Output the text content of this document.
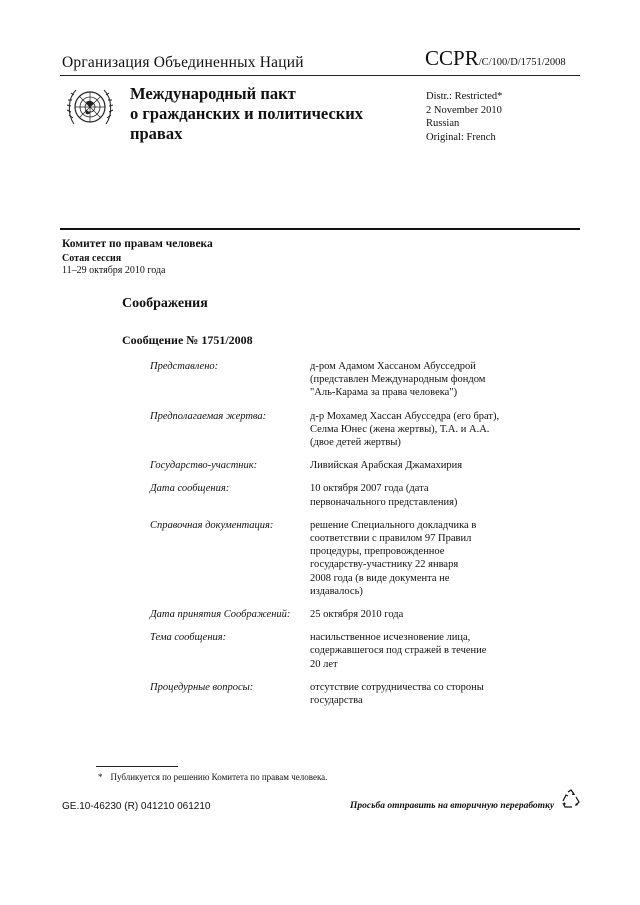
Организация Объединенных Наций	CCPR/C/100/D/1751/2008
Международный пакт
о гражданских и политических
правах
Distr.: Restricted*
2 November 2010
Russian
Original: French
Комитет по правам человека
Сотая сессия
11–29 октября 2010 года
Соображения
Сообщение № 1751/2008
Представлено:	д-ром Адамом Хассаном Абусседрой
(представлен Международным фондом
"Аль-Карама за права человека")
Предполагаемая жертва:	д-р Мохамед Хассан Абусседра (его брат),
Селма Юнес (жена жертвы), Т.А. и А.А.
(двое детей жертвы)
Государство-участник:	Ливийская Арабская Джамахирия
Дата сообщения:	10 октября 2007 года (дата
первоначального представления)
Справочная документация:	решение Специального докладчика в
соответствии с правилом 97 Правил
процедуры, препровожденное
государству-участнику 22 января
2008 года (в виде документа не
издавалось)
Дата принятия Соображений:	25 октября 2010 года
Тема сообщения:	насильственное исчезновение лица,
содержавшегося под стражей в течение
20 лет
Процедурные вопросы:	отсутствие сотрудничества со стороны
государства
* Публикуется по решению Комитета по правам человека.
GE.10-46230 (R) 041210 061210	Просьба отправить на вторичную переработку
